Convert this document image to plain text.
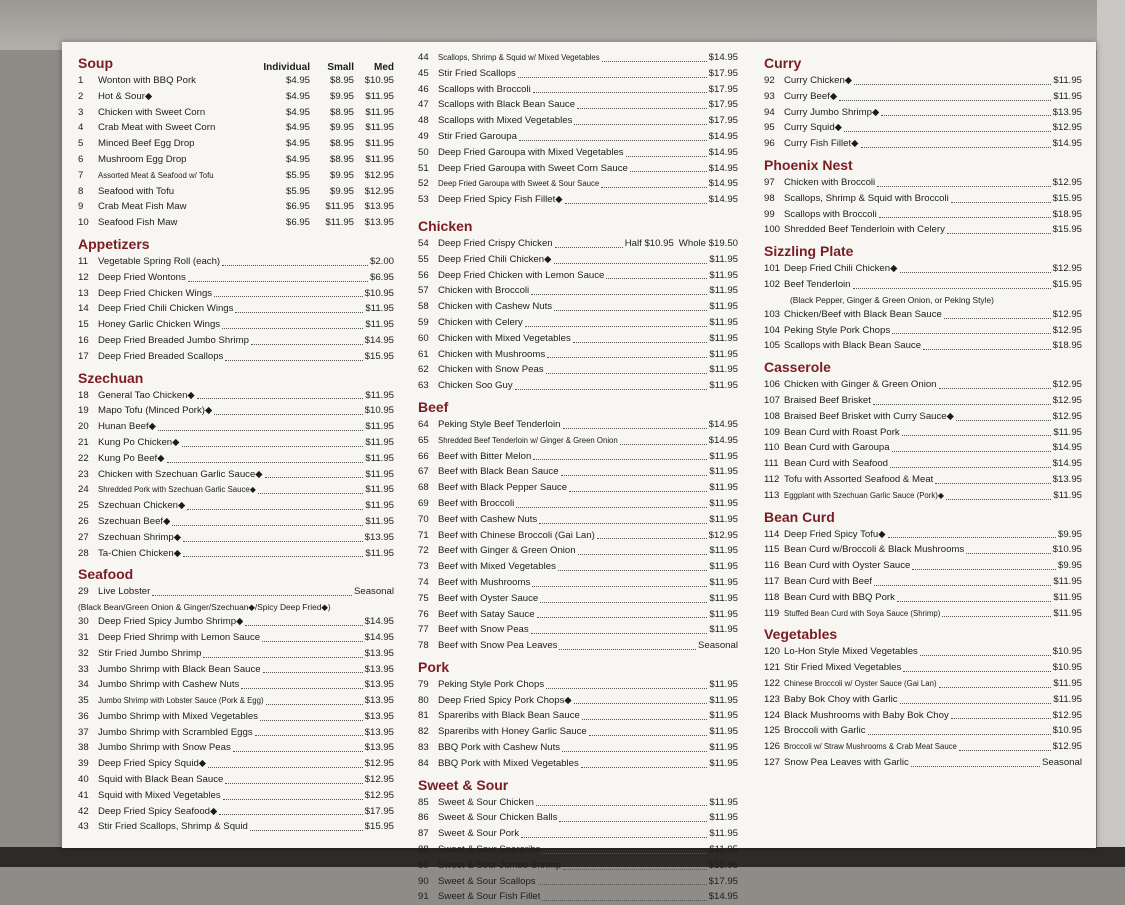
Soup	Individual	Small	Med
1	Wonton with BBQ Pork	$4.95	$8.95	$10.95
2	Hot & Sour◆	$4.95	$9.95	$11.95
3	Chicken with Sweet Corn	$4.95	$8.95	$11.95
4	Crab Meat with Sweet Corn	$4.95	$9.95	$11.95
5	Minced Beef Egg Drop	$4.95	$8.95	$11.95
6	Mushroom Egg Drop	$4.95	$8.95	$11.95
7	Assorted Meat & Seafood w/ Tofu	$5.95	$9.95	$12.95
8	Seafood with Tofu	$5.95	$9.95	$12.95
9	Crab Meat Fish Maw	$6.95	$11.95	$13.95
10 Seafood Fish Maw	$6.95	$11.95	$13.95
Appetizers
11	Vegetable Spring Roll (each)	$2.00
12 Deep Fried Wontons	$6.95
13 Deep Fried Chicken Wings	$10.95
14 Deep Fried Chili Chicken Wings	$11.95
15 Honey Garlic Chicken Wings	$11.95
16 Deep Fried Breaded Jumbo Shrimp	$14.95
17 Deep Fried Breaded Scallops	$15.95
Szechuan
18 General Tao Chicken◆	$11.95
19 Mapo Tofu (Minced Pork)◆	$10.95
20 Hunan Beef◆	$11.95
21 Kung Po Chicken◆	$11.95
22 Kung Po Beef◆	$11.95
23 Chicken with Szechuan Garlic Sauce◆	$11.95
24	Shredded Pork with Szechuan Garlic Sauce◆	$11.95
25 Szechuan Chicken◆	$11.95
26 Szechuan Beef◆	$11.95
27 Szechuan Shrimp◆	$13.95
28 Ta-Chien Chicken◆	$11.95
Seafood
29 Live Lobster	Seasonal
(Black Bean/Green Onion & Ginger/Szechuan◆/Spicy Deep Fried◆)
30 Deep Fried Spicy Jumbo Shrimp◆	$14.95
31 Deep Fried Shrimp with Lemon Sauce	$14.95
32 Stir Fried Jumbo Shrimp	$13.95
33 Jumbo Shrimp with Black Bean Sauce	$13.95
34 Jumbo Shrimp with Cashew Nuts	$13.95
35	Jumbo Shrimp with Lobster Sauce (Pork & Egg)	$13.95
36 Jumbo Shrimp with Mixed Vegetables	$13.95
37 Jumbo Shrimp with Scrambled Eggs	$13.95
38 Jumbo Shrimp with Snow Peas	$13.95
39 Deep Fried Spicy Squid◆	$12.95
40 Squid with Black Bean Sauce	$12.95
41 Squid with Mixed Vegetables	$12.95
42 Deep Fried Spicy Seafood◆	$17.95
43 Stir Fried Scallops, Shrimp & Squid	$15.95
44	Scallops, Shrimp & Squid w/ Mixed Vegetables	$14.95
45 Stir Fried Scallops	$17.95
46 Scallops with Broccoli	$17.95
47 Scallops with Black Bean Sauce	$17.95
48 Scallops with Mixed Vegetables	$17.95
49 Stir Fried Garoupa	$14.95
50 Deep Fried Garoupa with Mixed Vegetables	$14.95
51 Deep Fried Garoupa with Sweet Corn Sauce	$14.95
52	Deep Fried Garoupa with Sweet & Sour Sauce	$14.95
53 Deep Fried Spicy Fish Fillet◆	$14.95
Chicken
54 Deep Fried Crispy Chicken	Half $10.95 Whole $19.50
55 Deep Fried Chili Chicken◆	$11.95
56 Deep Fried Chicken with Lemon Sauce	$11.95
57 Chicken with Broccoli	$11.95
58 Chicken with Cashew Nuts	$11.95
59 Chicken with Celery	$11.95
60 Chicken with Mixed Vegetables	$11.95
61 Chicken with Mushrooms	$11.95
62 Chicken with Snow Peas	$11.95
63 Chicken Soo Guy	$11.95
Beef
64 Peking Style Beef Tenderloin	$14.95
65	Shredded Beef Tenderloin w/ Ginger & Green Onion	$14.95
66 Beef with Bitter Melon	$11.95
67 Beef with Black Bean Sauce	$11.95
68 Beef with Black Pepper Sauce	$11.95
69 Beef with Broccoli	$11.95
70 Beef with Cashew Nuts	$11.95
71 Beef with Chinese Broccoli (Gai Lan)	$12.95
72 Beef with Ginger & Green Onion	$11.95
73 Beef with Mixed Vegetables	$11.95
74 Beef with Mushrooms	$11.95
75 Beef with Oyster Sauce	$11.95
76 Beef with Satay Sauce	$11.95
77 Beef with Snow Peas	$11.95
78 Beef with Snow Pea Leaves	Seasonal
Pork
79 Peking Style Pork Chops	$11.95
80 Deep Fried Spicy Pork Chops◆	$11.95
81 Spareribs with Black Bean Sauce	$11.95
82 Spareribs with Honey Garlic Sauce	$11.95
83 BBQ Pork with Cashew Nuts	$11.95
84 BBQ Pork with Mixed Vegetables	$11.95
Sweet & Sour
85 Sweet & Sour Chicken	$11.95
86 Sweet & Sour Chicken Balls	$11.95
87 Sweet & Sour Pork	$11.95
88 Sweet & Sour Spareribs	$11.95
89 Sweet & Sour Jumbo Shrimp	$13.95
90 Sweet & Sour Scallops	$17.95
91 Sweet & Sour Fish Fillet	$14.95
Curry
92 Curry Chicken◆	$11.95
93 Curry Beef◆	$11.95
94 Curry Jumbo Shrimp◆	$13.95
95 Curry Squid◆	$12.95
96 Curry Fish Fillet◆	$14.95
Phoenix Nest
97 Chicken with Broccoli	$12.95
98 Scallops, Shrimp & Squid with Broccoli	$15.95
99 Scallops with Broccoli	$18.95
100 Shredded Beef Tenderloin with Celery	$15.95
Sizzling Plate
101 Deep Fried Chili Chicken◆	$12.95
102 Beef Tenderloin	$15.95
(Black Pepper, Ginger & Green Onion, or Peking Style)
103 Chicken/Beef with Black Bean Sauce	$12.95
104 Peking Style Pork Chops	$12.95
105 Scallops with Black Bean Sauce	$18.95
Casserole
106 Chicken with Ginger & Green Onion	$12.95
107 Braised Beef Brisket	$12.95
108 Braised Beef Brisket with Curry Sauce◆	$12.95
109 Bean Curd with Roast Pork	$11.95
110 Bean Curd with Garoupa	$14.95
111 Bean Curd with Seafood	$14.95
112 Tofu with Assorted Seafood & Meat	$13.95
113 Eggplant with Szechuan Garlic Sauce (Pork)◆	$11.95
Bean Curd
114 Deep Fried Spicy Tofu◆	$9.95
115 Bean Curd w/Broccoli & Black Mushrooms	$10.95
116 Bean Curd with Oyster Sauce	$9.95
117 Bean Curd with Beef	$11.95
118 Bean Curd with BBQ Pork	$11.95
119 Stuffed Bean Curd with Soya Sauce (Shrimp)	$11.95
Vegetables
120 Lo-Hon Style Mixed Vegetables	$10.95
121 Stir Fried Mixed Vegetables	$10.95
122 Chinese Broccoli w/ Oyster Sauce (Gai Lan)	$11.95
123 Baby Bok Choy with Garlic	$11.95
124 Black Mushrooms with Baby Bok Choy	$12.95
125 Broccoli with Garlic	$10.95
126 Broccoli w/ Straw Mushrooms & Crab Meat Sauce	$12.95
127 Snow Pea Leaves with Garlic	Seasonal
